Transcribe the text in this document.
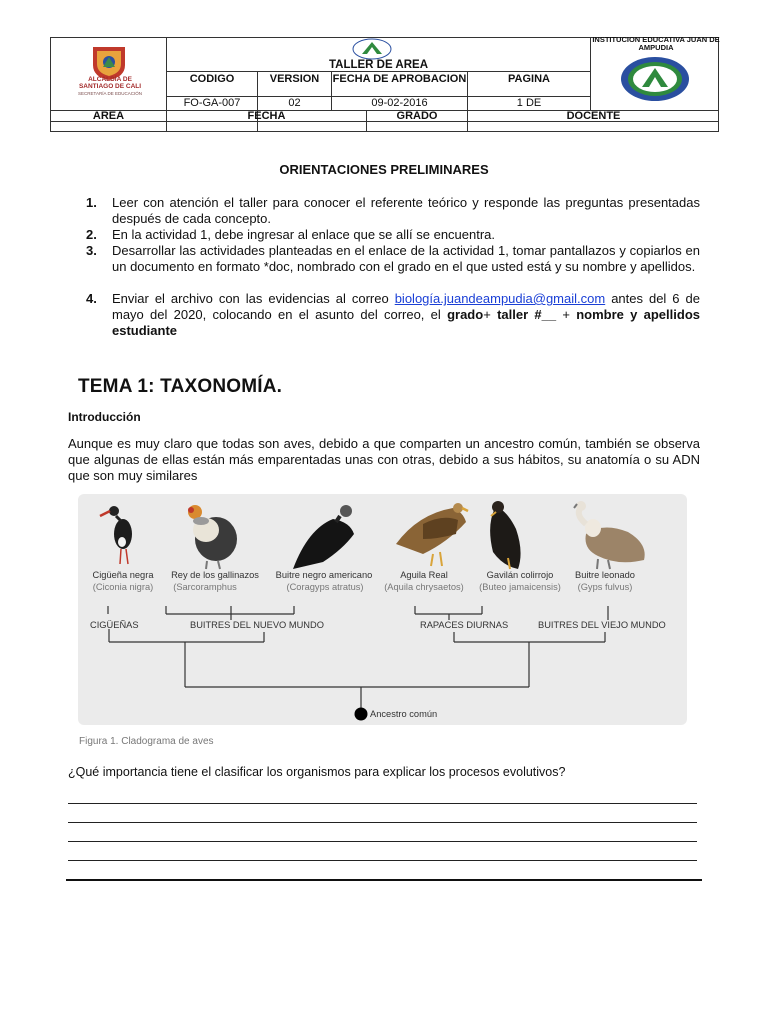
ALCALDÍA DE
SANTIAGO DE CALI
SECRETARÍA DE EDUCACIÓN
TALLER DE AREA
CODIGO	VERSION	FECHA DE APROBACION	PAGINA
FO-GA-007	02	09-02-2016	1 DE
INSTITUCION EDUCATIVA JUAN DE AMPUDIA
AREA	FECHA	GRADO	DOCENTE
ORIENTACIONES PRELIMINARES
1. Leer con atención el taller para conocer el referente teórico y responde las preguntas presentadas después de cada concepto.
2. En la actividad 1, debe ingresar al enlace que se allí se encuentra.
3. Desarrollar las actividades planteadas en el enlace de la actividad 1, tomar pantallazos y copiarlos en un documento en formato *doc, nombrado con el grado en el que usted está y su nombre y apellidos.
4. Enviar el archivo con las evidencias al correo biología.juandeampudia@gmail.com antes del 6 de mayo del 2020, colocando en el asunto del correo, el grado+ taller #__ + nombre y apellidos estudiante
TEMA 1: TAXONOMÍA.
Introducción
Aunque es muy claro que todas son aves, debido a que comparten un ancestro común, también se observa que algunas de ellas están más emparentadas unas con otras, debido a sus hábitos, su anatomía o su ADN que son muy similares
Cigüeña negra
(Ciconia nigra)
Rey de los gallinazos
(Sarcoramphus
Buitre negro americano
(Coragyps atratus)
Aguila Real
(Aquila chrysaetos)
Gavilán colirrojo
(Buteo jamaicensis)
Buitre leonado
(Gyps fulvus)
CIGÜEÑAS	BUITRES DEL NUEVO MUNDO	RAPACES DIURNAS	BUITRES DEL VIEJO MUNDO
Ancestro común
Figura 1. Cladograma de aves
¿Qué importancia tiene el clasificar los organismos para explicar los procesos evolutivos?
